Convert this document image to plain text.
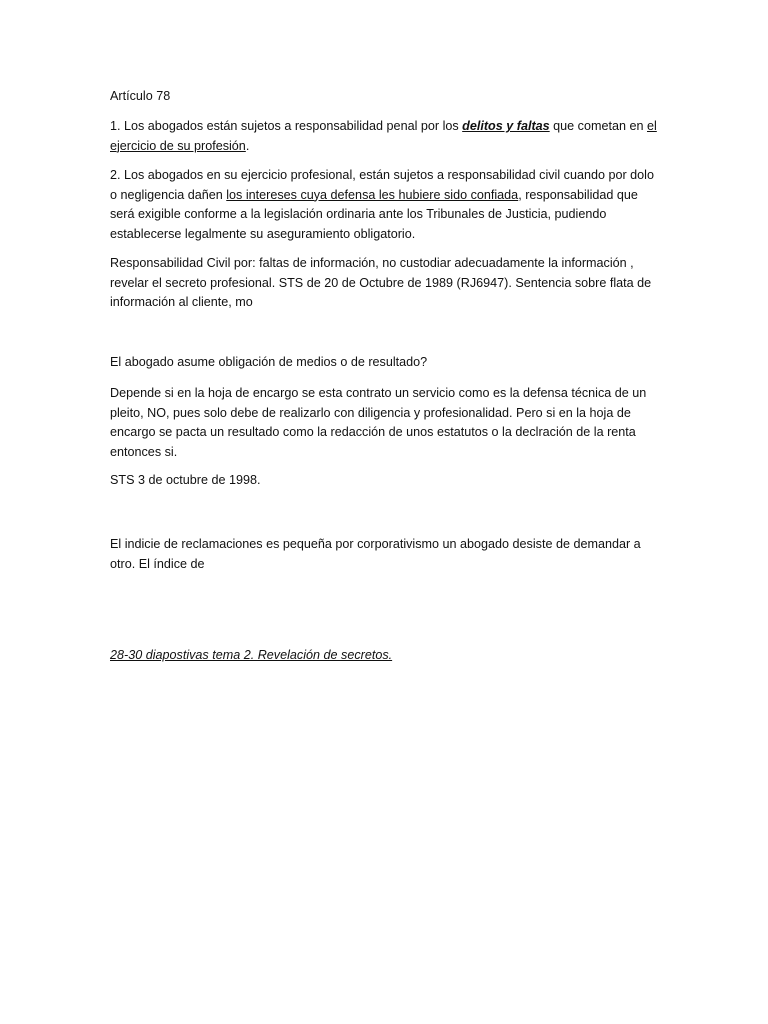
Artículo 78

1. Los abogados están sujetos a responsabilidad penal por los delitos y faltas que cometan en el ejercicio de su profesión.

2. Los abogados en su ejercicio profesional, están sujetos a responsabilidad civil cuando por dolo o negligencia dañen los intereses cuya defensa les hubiere sido confiada, responsabilidad que será exigible conforme a la legislación ordinaria ante los Tribunales de Justicia, pudiendo establecerse legalmente su aseguramiento obligatorio.

Responsabilidad Civil por: faltas de información, no custodiar adecuadamente la información , revelar el secreto profesional. STS de 20 de Octubre de 1989 (RJ6947). Sentencia sobre flata de información al cliente, mo

El abogado asume obligación de medios o de resultado?

Depende si en la hoja de encargo se esta contrato un servicio como es la defensa técnica de un pleito, NO, pues solo debe de realizarlo con diligencia y profesionalidad. Pero si en la hoja de encargo se pacta un resultado como la redacción de unos estatutos o la declración de la renta entonces si.

STS 3 de octubre de 1998.

El indicie de reclamaciones es pequeña por corporativismo un abogado desiste de demandar a otro. El índice de

28-30 diapostivas tema 2. Revelación de secretos.
